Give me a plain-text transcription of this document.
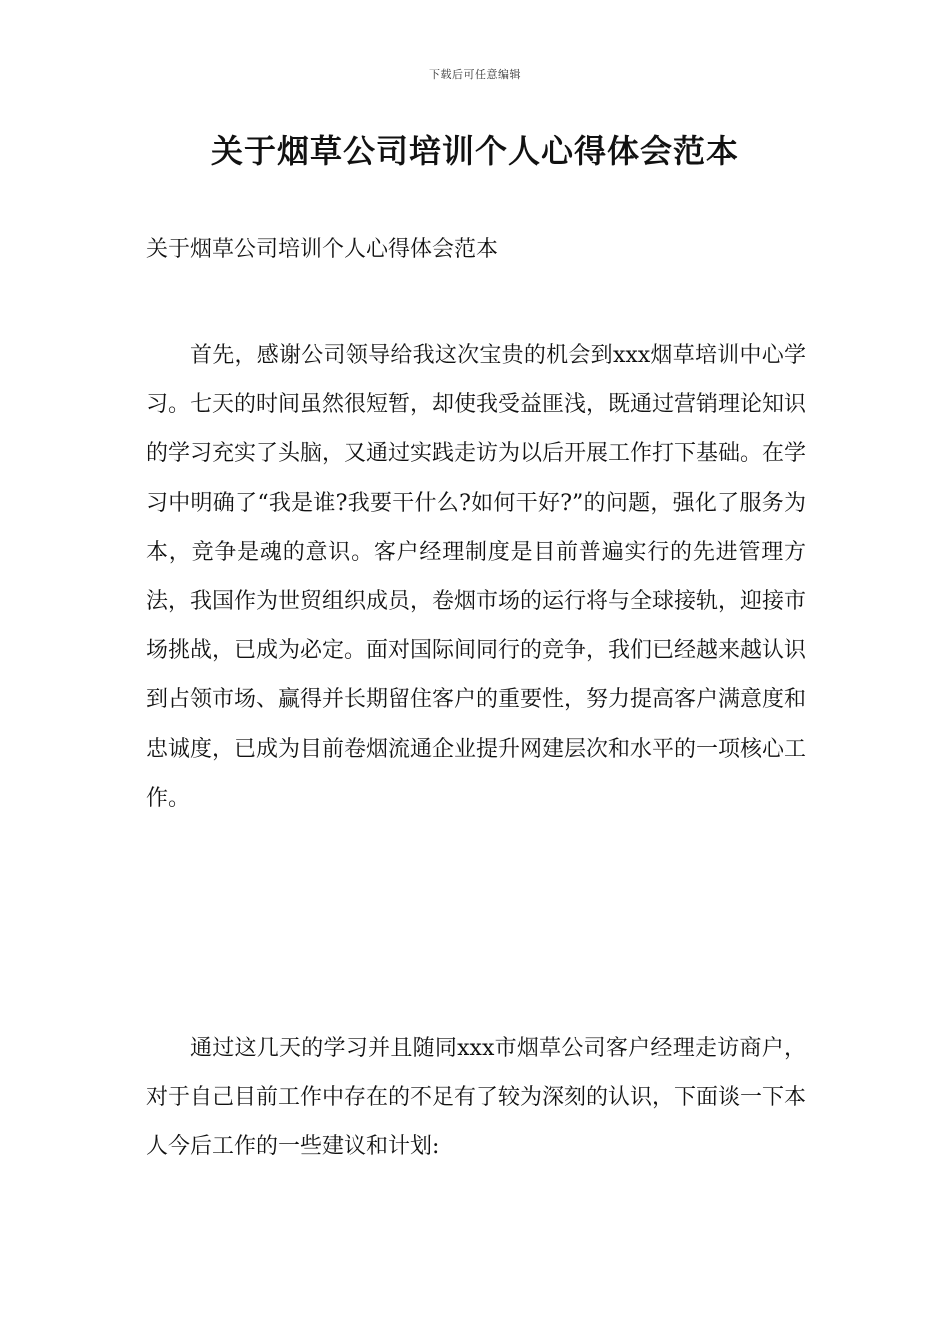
下载后可任意编辑
关于烟草公司培训个人心得体会范本
关于烟草公司培训个人心得体会范本

首先，感谢公司领导给我这次宝贵的机会到xxx烟草培训中心学习。七天的时间虽然很短暂，却使我受益匪浅，既通过营销理论知识的学习充实了头脑，又通过实践走访为以后开展工作打下基础。在学习中明确了“我是谁?我要干什么?如何干好?”的问题，强化了服务为本，竞争是魂的意识。客户经理制度是目前普遍实行的先进管理方法，我国作为世贸组织成员，卷烟市场的运行将与全球接轨，迎接市场挑战，已成为必定。面对国际间同行的竞争，我们已经越来越认识到占领市场、赢得并长期留住客户的重要性，努力提高客户满意度和忠诚度，已成为目前卷烟流通企业提升网建层次和水平的一项核心工作。

通过这几天的学习并且随同xxx市烟草公司客户经理走访商户，对于自己目前工作中存在的不足有了较为深刻的认识，下面谈一下本人今后工作的一些建议和计划:
